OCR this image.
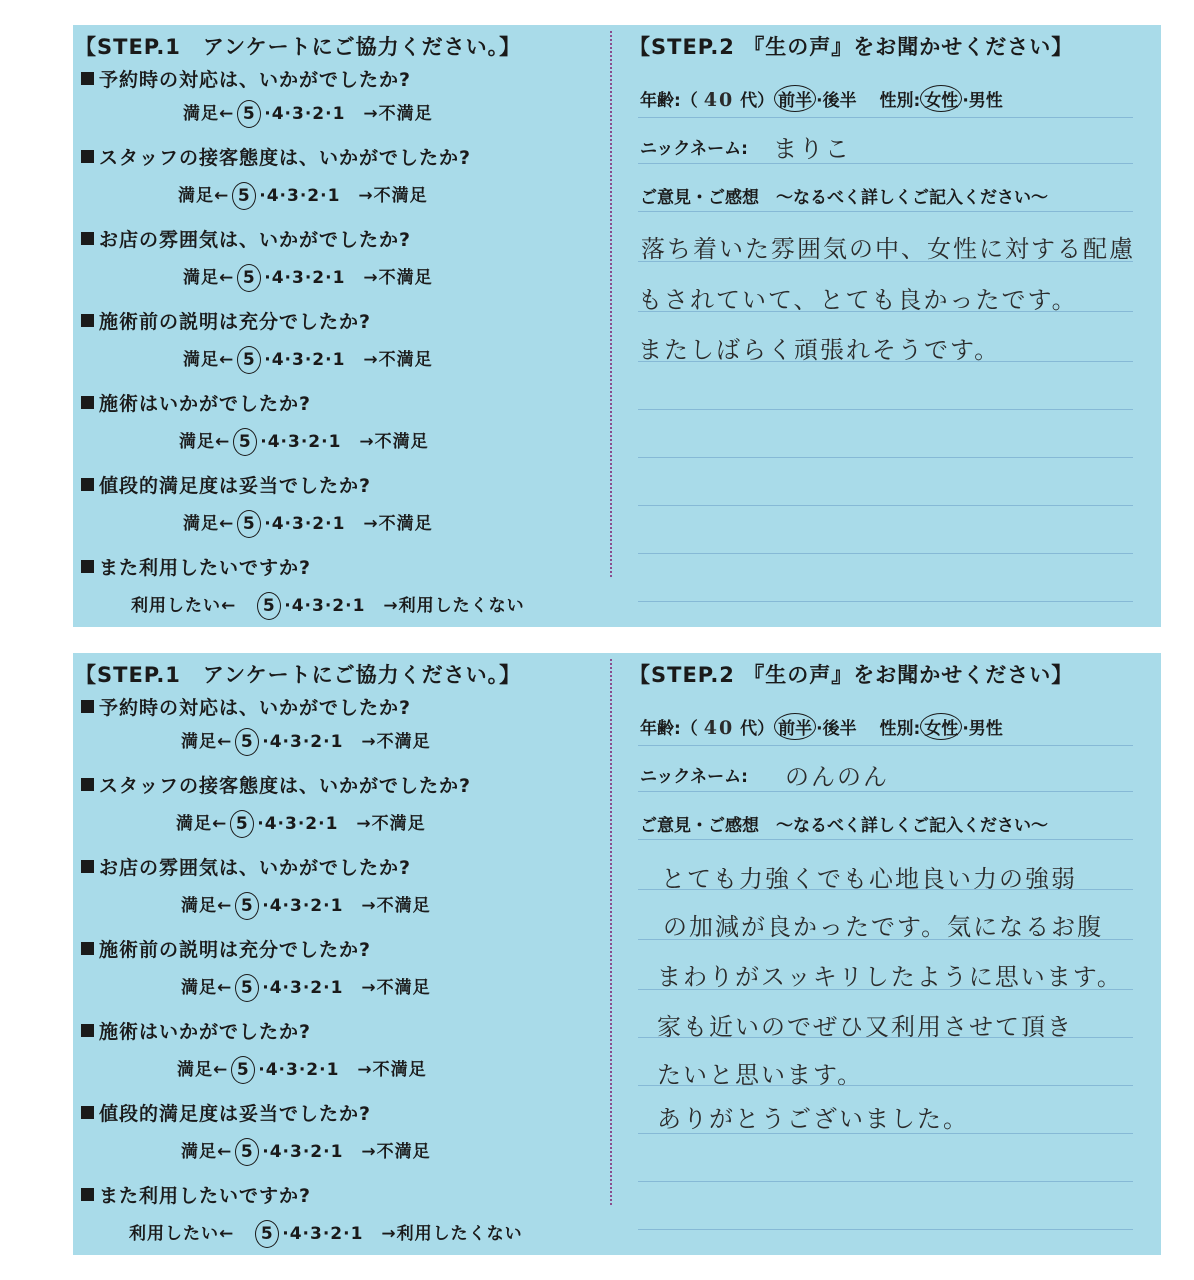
【STEP.1　アンケートにご協力ください。】
予約時の対応は、いかがでしたか?
満足← 5 ·4·3·2·1　 →不満足
スタッフの接客態度は、いかがでしたか?
満足← 5 ·4·3·2·1　 →不満足
お店の雰囲気は、いかがでしたか?
満足← 5 ·4·3·2·1　 →不満足
施術前の説明は充分でしたか?
満足← 5 ·4·3·2·1　 →不満足
施術はいかがでしたか?
満足← 5 ·4·3·2·1　 →不満足
値段的満足度は妥当でしたか?
満足← 5 ·4·3·2·1　 →不満足
また利用したいですか?
利用したい←　 5 ·4·3·2·1　 →利用したくない
【STEP.2 『生の声』をお聞かせください】
年齢:（ 40 代） 前半 ·後半 　 性別: 女性 ·男性
ニックネーム: まりこ
ご意見・ご感想　～なるべく詳しくご記入ください～
落ち着いた雰囲気の中、女性に対する配慮
もされていて、とても良かったです。
またしばらく頑張れそうです。
【STEP.1　アンケートにご協力ください。】
予約時の対応は、いかがでしたか?
満足← 5 ·4·3·2·1　 →不満足
スタッフの接客態度は、いかがでしたか?
満足← 5 ·4·3·2·1　 →不満足
お店の雰囲気は、いかがでしたか?
満足← 5 ·4·3·2·1　 →不満足
施術前の説明は充分でしたか?
満足← 5 ·4·3·2·1　 →不満足
施術はいかがでしたか?
満足← 5 ·4·3·2·1　 →不満足
値段的満足度は妥当でしたか?
満足← 5 ·4·3·2·1　 →不満足
また利用したいですか?
利用したい←　 5 ·4·3·2·1　 →利用したくない
【STEP.2 『生の声』をお聞かせください】
年齢:（ 40 代） 前半 ·後半 　 性別: 女性 ·男性
ニックネーム: のんのん
ご意見・ご感想　～なるべく詳しくご記入ください～
とても力強くでも心地良い力の強弱
の加減が良かったです。気になるお腹
まわりがスッキリしたように思います。
家も近いのでぜひ又利用させて頂き
たいと思います。
ありがとうございました。
